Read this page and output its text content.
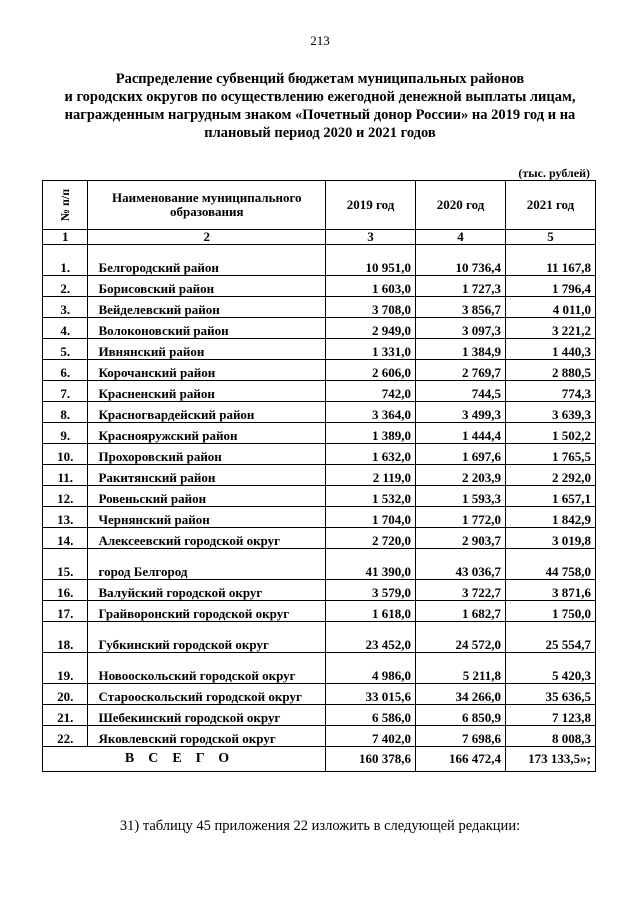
213
Распределение субвенций бюджетам муниципальных районов
и городских округов по осуществлению ежегодной денежной выплаты лицам,
награжденным нагрудным знаком «Почетный донор России» на 2019 год и на
плановый период 2020 и 2021 годов
(тыс. рублей)
№ п/п	Наименование муниципального образования	2019 год	2020 год	2021 год
1	2	3	4	5
1.	Белгородский район	10 951,0	10 736,4	11 167,8
2.	Борисовский район	1 603,0	1 727,3	1 796,4
3.	Вейделевский район	3 708,0	3 856,7	4 011,0
4.	Волоконовский район	2 949,0	3 097,3	3 221,2
5.	Ивнянский район	1 331,0	1 384,9	1 440,3
6.	Корочанский район	2 606,0	2 769,7	2 880,5
7.	Красненский район	742,0	744,5	774,3
8.	Красногвардейский район	3 364,0	3 499,3	3 639,3
9.	Краснояружский район	1 389,0	1 444,4	1 502,2
10.	Прохоровский район	1 632,0	1 697,6	1 765,5
11.	Ракитянский район	2 119,0	2 203,9	2 292,0
12.	Ровеньский район	1 532,0	1 593,3	1 657,1
13.	Чернянский район	1 704,0	1 772,0	1 842,9
14.	Алексеевский городской округ	2 720,0	2 903,7	3 019,8
15.	город Белгород	41 390,0	43 036,7	44 758,0
16.	Валуйский городской округ	3 579,0	3 722,7	3 871,6
17.	Грайворонский городской округ	1 618,0	1 682,7	1 750,0
18.	Губкинский городской округ	23 452,0	24 572,0	25 554,7
19.	Новооскольский городской округ	4 986,0	5 211,8	5 420,3
20.	Старооскольский городской округ	33 015,6	34 266,0	35 636,5
21.	Шебекинский городской округ	6 586,0	6 850,9	7 123,8
22.	Яковлевский городской округ	7 402,0	7 698,6	8 008,3
ВСЕГО		160 378,6	166 472,4	173 133,5»;
31) таблицу 45 приложения 22 изложить в следующей редакции:
